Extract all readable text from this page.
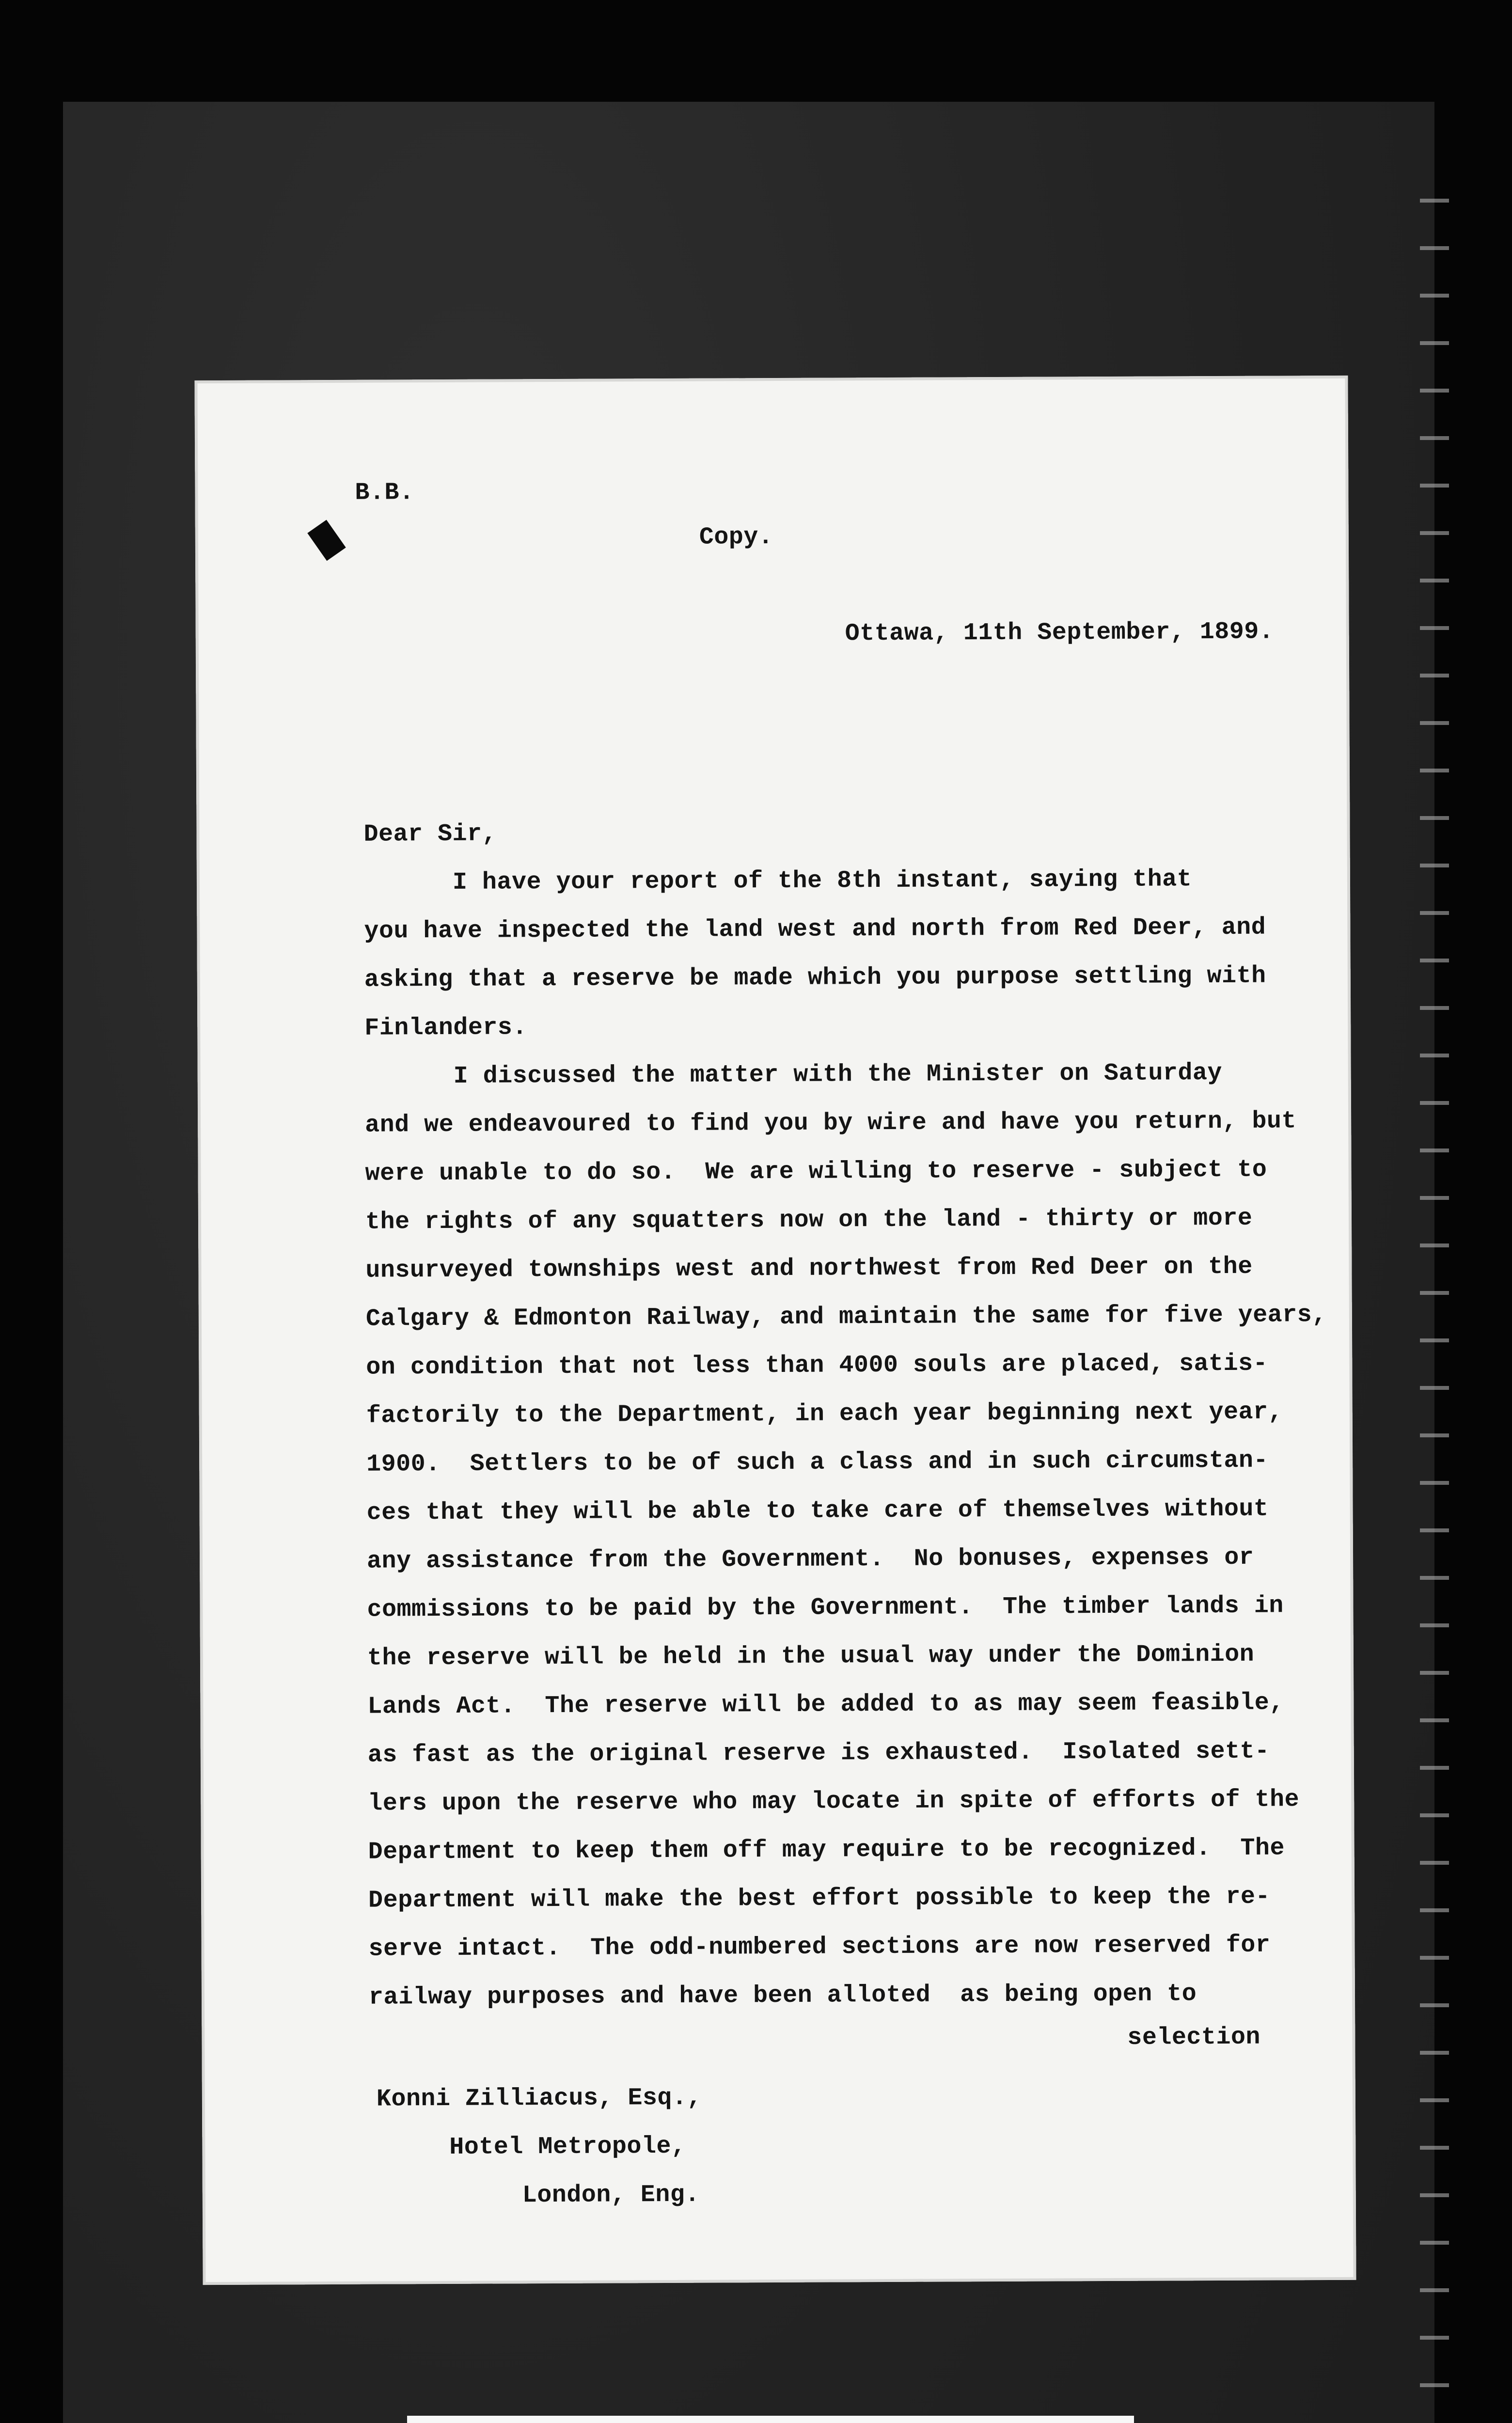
B.B.
Copy.
Ottawa, 11th September, 1899.
Dear Sir,
I have your report of the 8th instant, saying that
you have inspected the land west and north from Red Deer, and
asking that a reserve be made which you purpose settling with
Finlanders.
I discussed the matter with the Minister on Saturday
and we endeavoured to find you by wire and have you return, but
were unable to do so.  We are willing to reserve - subject to
the rights of any squatters now on the land - thirty or more
unsurveyed townships west and northwest from Red Deer on the
Calgary & Edmonton Railway, and maintain the same for five years,
on condition that not less than 4000 souls are placed, satis-
factorily to the Department, in each year beginning next year,
1900.  Settlers to be of such a class and in such circumstan-
ces that they will be able to take care of themselves without
any assistance from the Government.  No bonuses, expenses or
commissions to be paid by the Government.  The timber lands in
the reserve will be held in the usual way under the Dominion
Lands Act.  The reserve will be added to as may seem feasible,
as fast as the original reserve is exhausted.  Isolated sett-
lers upon the reserve who may locate in spite of efforts of the
Department to keep them off may require to be recognized.  The
Department will make the best effort possible to keep the re-
serve intact.  The odd-numbered sections are now reserved for
railway purposes and have been alloted  as being open to
selection
Konni Zilliacus, Esq.,
Hotel Metropole,
London, Eng.
